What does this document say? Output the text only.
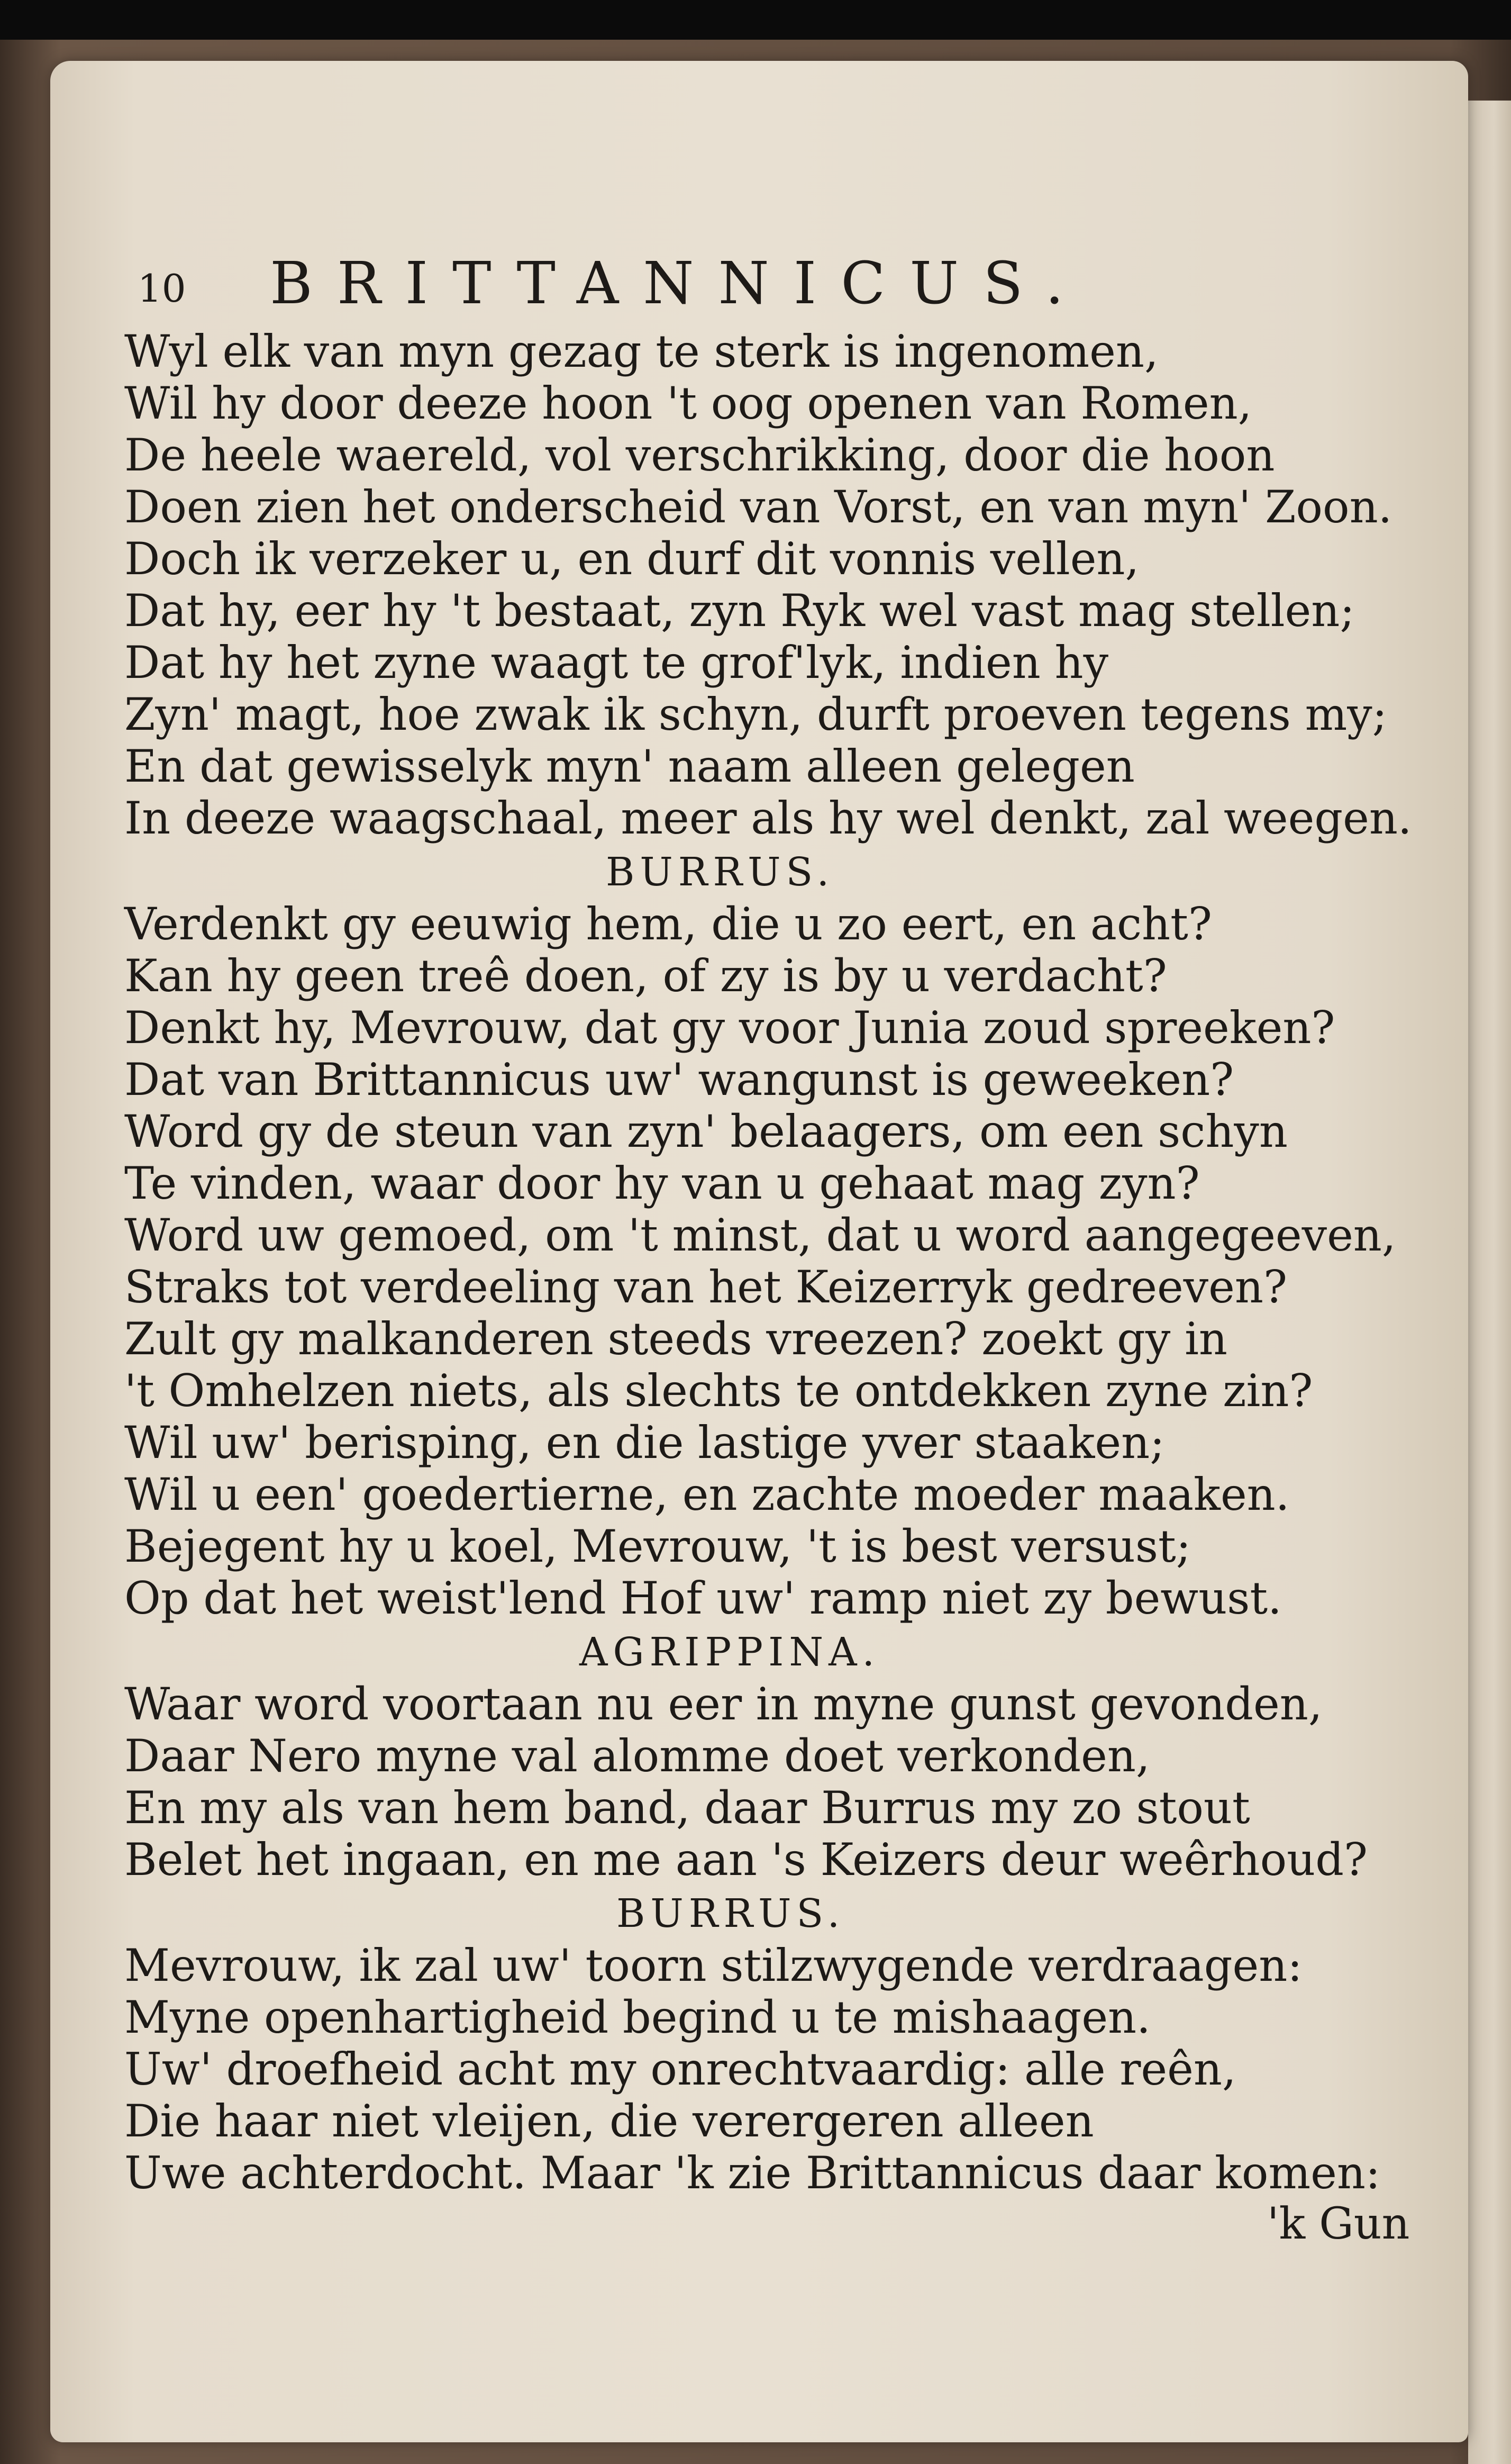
10 BRITTANNICUS.
Wyl elk van myn gezag te sterk is ingenomen,
Wil hy door deeze hoon 't oog openen van Romen,
De heele waereld, vol verschrikking, door die hoon
Doen zien het onderscheid van Vorst, en van myn' Zoon.
Doch ik verzeker u, en durf dit vonnis vellen,
Dat hy, eer hy 't bestaat, zyn Ryk wel vast mag stellen;
Dat hy het zyne waagt te grof'lyk, indien hy
Zyn' magt, hoe zwak ik schyn, durft proeven tegens my;
En dat gewisselyk myn' naam alleen gelegen
In deeze waagschaal, meer als hy wel denkt, zal weegen.
BURRUS.
Verdenkt gy eeuwig hem, die u zo eert, en acht?
Kan hy geen treê doen, of zy is by u verdacht?
Denkt hy, Mevrouw, dat gy voor Junia zoud spreeken?
Dat van Brittannicus uw' wangunst is geweeken?
Word gy de steun van zyn' belaagers, om een schyn
Te vinden, waar door hy van u gehaat mag zyn?
Word uw gemoed, om 't minst, dat u word aangegeeven,
Straks tot verdeeling van het Keizerryk gedreeven?
Zult gy malkanderen steeds vreezen? zoekt gy in
't Omhelzen niets, als slechts te ontdekken zyne zin?
Wil uw' berisping, en die lastige yver staaken;
Wil u een' goedertierne, en zachte moeder maaken.
Bejegent hy u koel, Mevrouw, 't is best versust;
Op dat het weist'lend Hof uw' ramp niet zy bewust.
AGRIPPINA.
Waar word voortaan nu eer in myne gunst gevonden,
Daar Nero myne val alomme doet verkonden,
En my als van hem band, daar Burrus my zo stout
Belet het ingaan, en me aan 's Keizers deur weêrhoud?
BURRUS.
Mevrouw, ik zal uw' toorn stilzwygende verdraagen:
Myne openhartigheid begind u te mishaagen.
Uw' droefheid acht my onrechtvaardig: alle reên,
Die haar niet vleijen, die verergeren alleen
Uwe achterdocht. Maar 'k zie Brittannicus daar komen:
'k Gun
